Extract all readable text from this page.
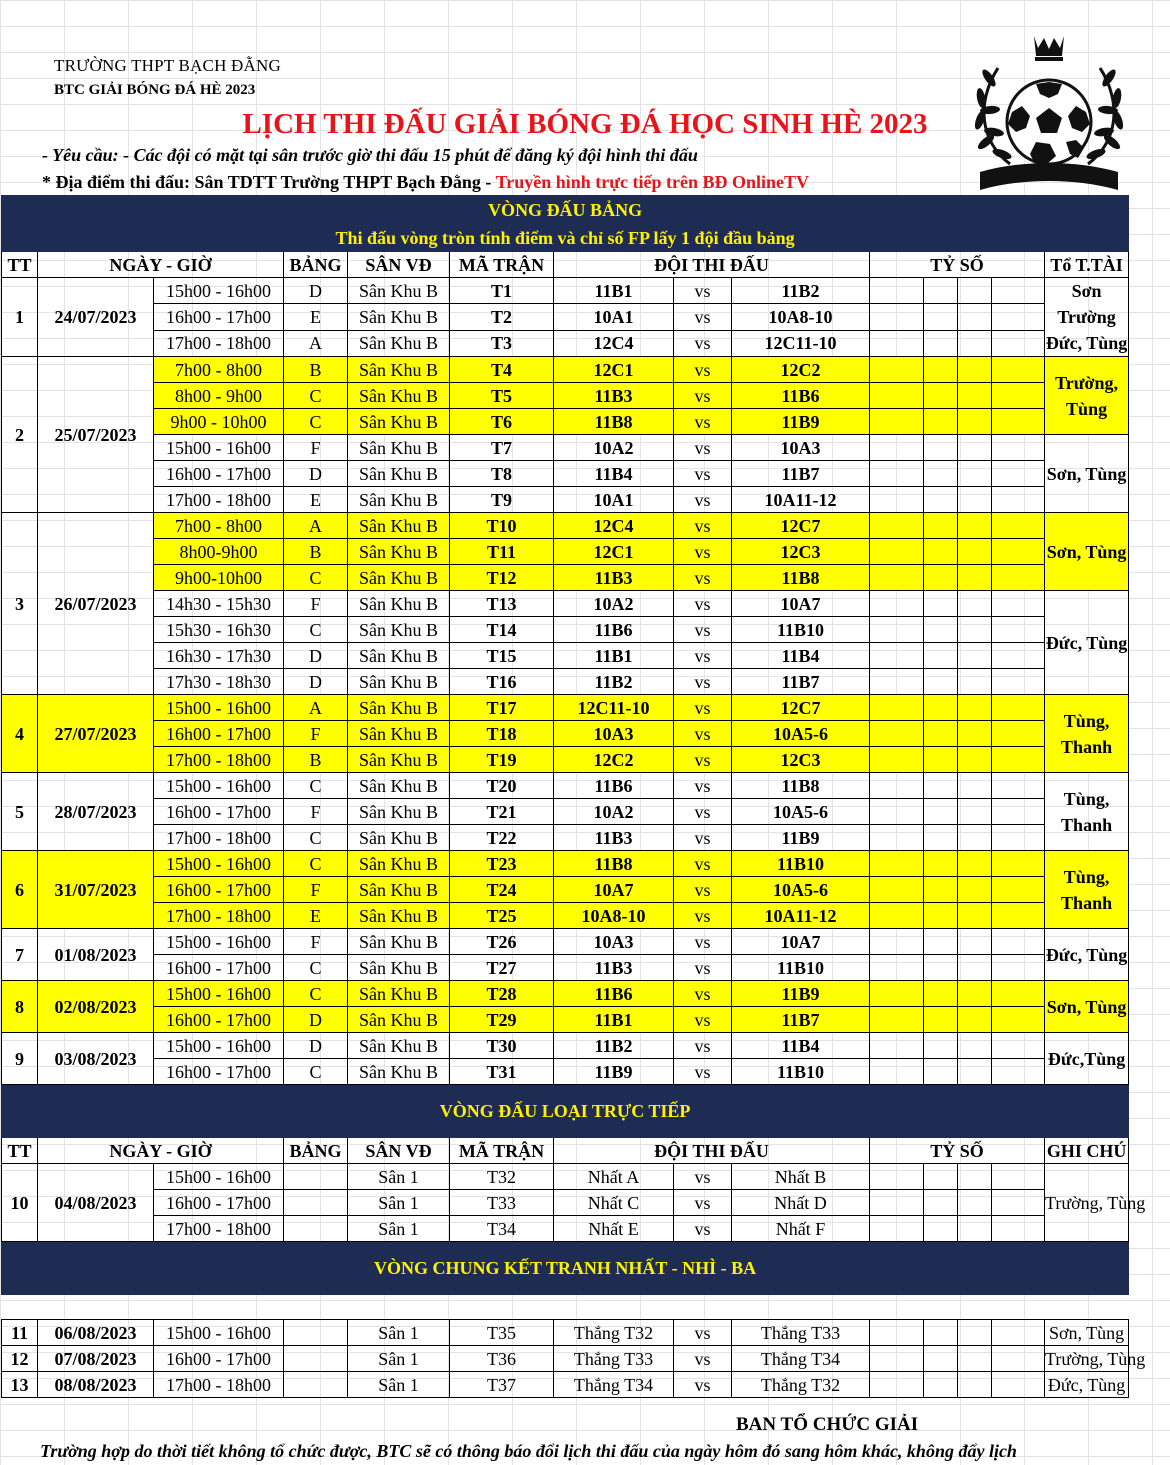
TRƯỜNG THPT BẠCH ĐẰNG
BTC GIẢI BÓNG ĐÁ HÈ 2023
LỊCH THI ĐẤU GIẢI BÓNG ĐÁ HỌC SINH HÈ 2023
- Yêu cầu: - Các đội có mặt tại sân trước giờ thi đấu 15 phút để đăng ký đội hình thi đấu
* Địa điểm thi đấu: Sân TDTT Trường THPT Bạch Đằng - Truyền hình trực tiếp trên BĐ OnlineTV
VÒNG ĐẤU BẢNG													
Thi đấu vòng tròn tính điểm và chỉ số FP lấy 1 đội đầu bảng													
TT	NGÀY - GIỜ		BẢNG	SÂN VĐ	MÃ TRẬN	ĐỘI THI ĐẤU			TỶ SỐ				Tổ T.TÀI
1	24/07/2023	15h00 - 16h00	D	Sân Khu B	T1	11B1	vs	11B2					Sơn
Trường
Đức, Tùng
		16h00 - 17h00	E	Sân Khu B	T2	10A1	vs	10A8-10					
		17h00 - 18h00	A	Sân Khu B	T3	12C4	vs	12C11-10					
2	25/07/2023	7h00 - 8h00	B	Sân Khu B	T4	12C1	vs	12C2					Trường,
Tùng
		8h00 - 9h00	C	Sân Khu B	T5	11B3	vs	11B6					
		9h00 - 10h00	C	Sân Khu B	T6	11B8	vs	11B9					
		15h00 - 16h00	F	Sân Khu B	T7	10A2	vs	10A3					Sơn, Tùng
		16h00 - 17h00	D	Sân Khu B	T8	11B4	vs	11B7					
		17h00 - 18h00	E	Sân Khu B	T9	10A1	vs	10A11-12					
3	26/07/2023	7h00 - 8h00	A	Sân Khu B	T10	12C4	vs	12C7					Sơn, Tùng
		8h00-9h00	B	Sân Khu B	T11	12C1	vs	12C3					
		9h00-10h00	C	Sân Khu B	T12	11B3	vs	11B8					
		14h30 - 15h30	F	Sân Khu B	T13	10A2	vs	10A7					Đức, Tùng
		15h30 - 16h30	C	Sân Khu B	T14	11B6	vs	11B10					
		16h30 - 17h30	D	Sân Khu B	T15	11B1	vs	11B4					
		17h30 - 18h30	D	Sân Khu B	T16	11B2	vs	11B7					
4	27/07/2023	15h00 - 16h00	A	Sân Khu B	T17	12C11-10	vs	12C7					Tùng, Thanh
		16h00 - 17h00	F	Sân Khu B	T18	10A3	vs	10A5-6					
		17h00 - 18h00	B	Sân Khu B	T19	12C2	vs	12C3					
5	28/07/2023	15h00 - 16h00	C	Sân Khu B	T20	11B6	vs	11B8					Tùng, Thanh
		16h00 - 17h00	F	Sân Khu B	T21	10A2	vs	10A5-6					
		17h00 - 18h00	C	Sân Khu B	T22	11B3	vs	11B9					
6	31/07/2023	15h00 - 16h00	C	Sân Khu B	T23	11B8	vs	11B10					Tùng, Thanh
		16h00 - 17h00	F	Sân Khu B	T24	10A7	vs	10A5-6					
		17h00 - 18h00	E	Sân Khu B	T25	10A8-10	vs	10A11-12					
7	01/08/2023	15h00 - 16h00	F	Sân Khu B	T26	10A3	vs	10A7					Đức, Tùng
		16h00 - 17h00	C	Sân Khu B	T27	11B3	vs	11B10					
8	02/08/2023	15h00 - 16h00	C	Sân Khu B	T28	11B6	vs	11B9					Sơn, Tùng
		16h00 - 17h00	D	Sân Khu B	T29	11B1	vs	11B7					
9	03/08/2023	15h00 - 16h00	D	Sân Khu B	T30	11B2	vs	11B4					Đức,Tùng
		16h00 - 17h00	C	Sân Khu B	T31	11B9	vs	11B10					
VÒNG ĐẤU LOẠI TRỰC TIẾP													
TT	NGÀY - GIỜ		BẢNG	SÂN VĐ	MÃ TRẬN	ĐỘI THI ĐẤU			TỶ SỐ				GHI CHÚ
10	04/08/2023	15h00 - 16h00		Sân 1	T32	Nhất A	vs	Nhất B					Trường, Tùng
		16h00 - 17h00		Sân 1	T33	Nhất C	vs	Nhất D					
		17h00 - 18h00		Sân 1	T34	Nhất E	vs	Nhất F					
VÒNG CHUNG KẾT TRANH NHẤT - NHÌ - BA													

11	06/08/2023	15h00 - 16h00		Sân 1	T35	Thắng T32	vs	Thắng T33					Sơn, Tùng
12	07/08/2023	16h00 - 17h00		Sân 1	T36	Thắng T33	vs	Thắng T34					Trường, Tùng
13	08/08/2023	17h00 - 18h00		Sân 1	T37	Thắng T34	vs	Thắng T32					Đức, Tùng
BAN TỔ CHỨC GIẢI
Trường hợp do thời tiết không tổ chức được, BTC sẽ có thông báo đổi lịch thi đấu của ngày hôm đó sang hôm khác, không đẩy lịch
